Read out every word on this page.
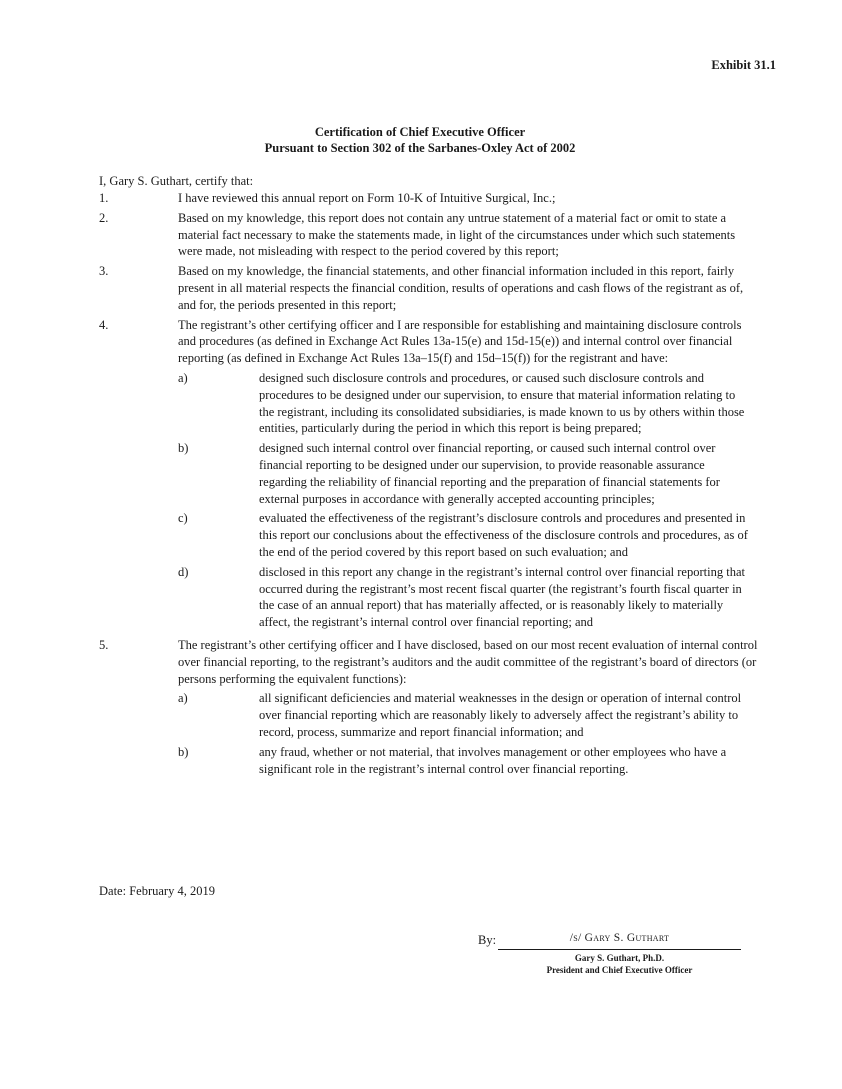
Exhibit 31.1
Certification of Chief Executive Officer
Pursuant to Section 302 of the Sarbanes-Oxley Act of 2002
I, Gary S. Guthart, certify that:
1.	I have reviewed this annual report on Form 10-K of Intuitive Surgical, Inc.;
2.	Based on my knowledge, this report does not contain any untrue statement of a material fact or omit to state a material fact necessary to make the statements made, in light of the circumstances under which such statements were made, not misleading with respect to the period covered by this report;
3.	Based on my knowledge, the financial statements, and other financial information included in this report, fairly present in all material respects the financial condition, results of operations and cash flows of the registrant as of, and for, the periods presented in this report;
4.	The registrant’s other certifying officer and I are responsible for establishing and maintaining disclosure controls and procedures (as defined in Exchange Act Rules 13a-15(e) and 15d-15(e)) and internal control over financial reporting (as defined in Exchange Act Rules 13a–15(f) and 15d–15(f)) for the registrant and have:
a)	designed such disclosure controls and procedures, or caused such disclosure controls and procedures to be designed under our supervision, to ensure that material information relating to the registrant, including its consolidated subsidiaries, is made known to us by others within those entities, particularly during the period in which this report is being prepared;
b)	designed such internal control over financial reporting, or caused such internal control over financial reporting to be designed under our supervision, to provide reasonable assurance regarding the reliability of financial reporting and the preparation of financial statements for external purposes in accordance with generally accepted accounting principles;
c)	evaluated the effectiveness of the registrant’s disclosure controls and procedures and presented in this report our conclusions about the effectiveness of the disclosure controls and procedures, as of the end of the period covered by this report based on such evaluation; and
d)	disclosed in this report any change in the registrant’s internal control over financial reporting that occurred during the registrant’s most recent fiscal quarter (the registrant’s fourth fiscal quarter in the case of an annual report) that has materially affected, or is reasonably likely to materially affect, the registrant’s internal control over financial reporting; and
5.	The registrant’s other certifying officer and I have disclosed, based on our most recent evaluation of internal control over financial reporting, to the registrant’s auditors and the audit committee of the registrant’s board of directors (or persons performing the equivalent functions):
a)	all significant deficiencies and material weaknesses in the design or operation of internal control over financial reporting which are reasonably likely to adversely affect the registrant’s ability to record, process, summarize and report financial information; and
b)	any fraud, whether or not material, that involves management or other employees who have a significant role in the registrant’s internal control over financial reporting.
Date: February 4, 2019
By:	/s/ Gary S. Guthart
Gary S. Guthart, Ph.D.
President and Chief Executive Officer
